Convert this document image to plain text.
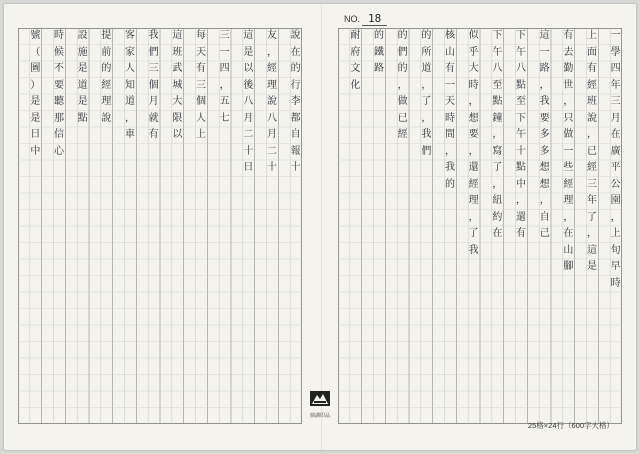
NO. 18
說
在
的
行
李
都
自
報
十
友
，
經
理
說
八
月
二
十
這
是
以
後
八
月
二
十
日
三
一
四
，
五
七
每
天
有
三
個
人
上
這
班
武
城
大
限
以
我
們
三
個
月
就
有
客
家
人
知
道
，
車
提
前
的
經
理
說
設
施
是
道
是
點
時
候
不
要
聽
那
信
心
號
（
圖
）
是
是
日
中
一
學
四
年
三
月
在
廣
平
公
園
，
上
旬
早
時
上
面
有
經
班
說
，
已
經
三
年
了
，
這
是
有
去
勤
世
，
只
做
一
些
經
理
，
在
山
腳
這
一
路
，
我
要
多
多
想
想
，
自
己
下
午
八
點
至
下
午
十
點
中
，
還
有
下
午
八
至
點
鐘
，
寫
了
，
紐
約
在
似
乎
大
時
，
想
要
，
還
經
理
，
了
我
核
山
有
一
天
時
間
，
我
的
的
所
道
，
了
，
我
們
的
們
的
，
做
已
經
的
鐵
路
耐
府
文
化
鼎湖印品
25格×24行（600字大格）
